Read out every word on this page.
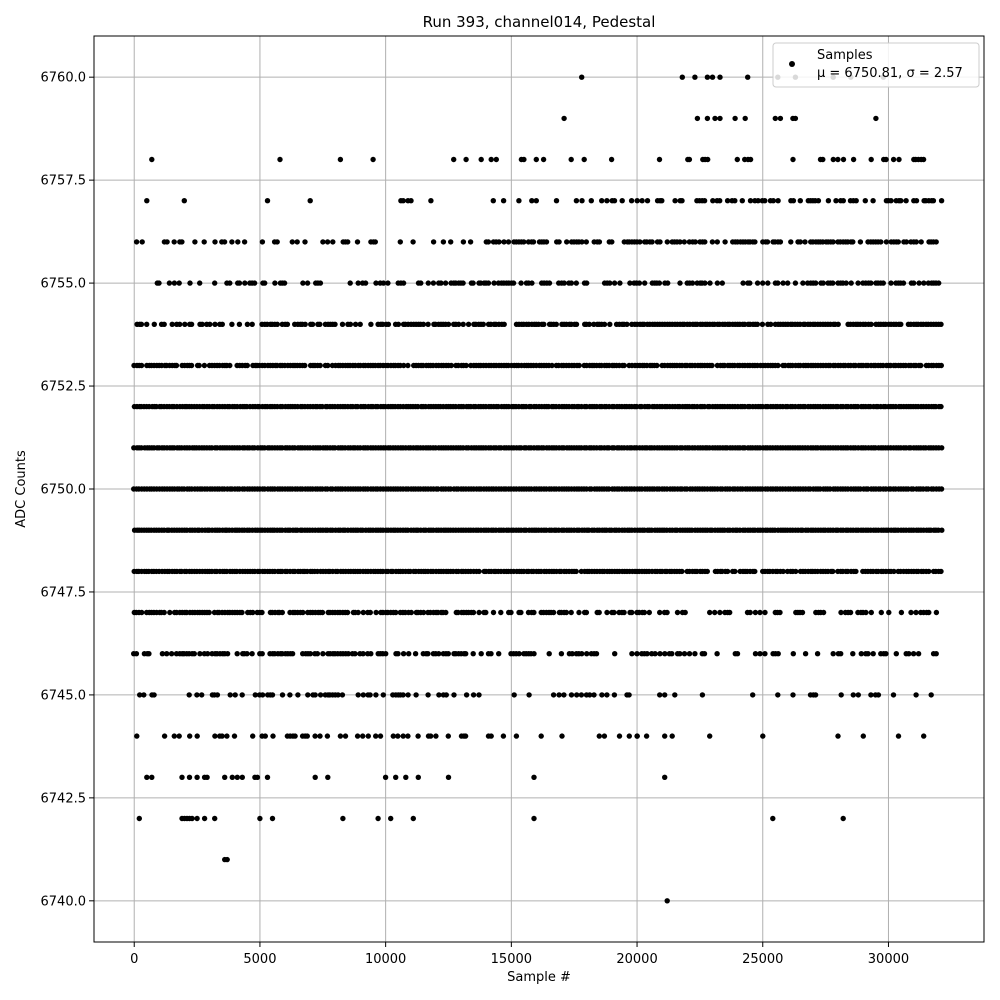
0	5000	10000	15000	20000	25000	30000
6740.0
6742.5
6745.0
6747.5
6750.0
6752.5
6755.0
6757.5
6760.0
Run 393, channel014, Pedestal
Sample #
ADC Counts
Samples
μ = 6750.81, σ = 2.57
